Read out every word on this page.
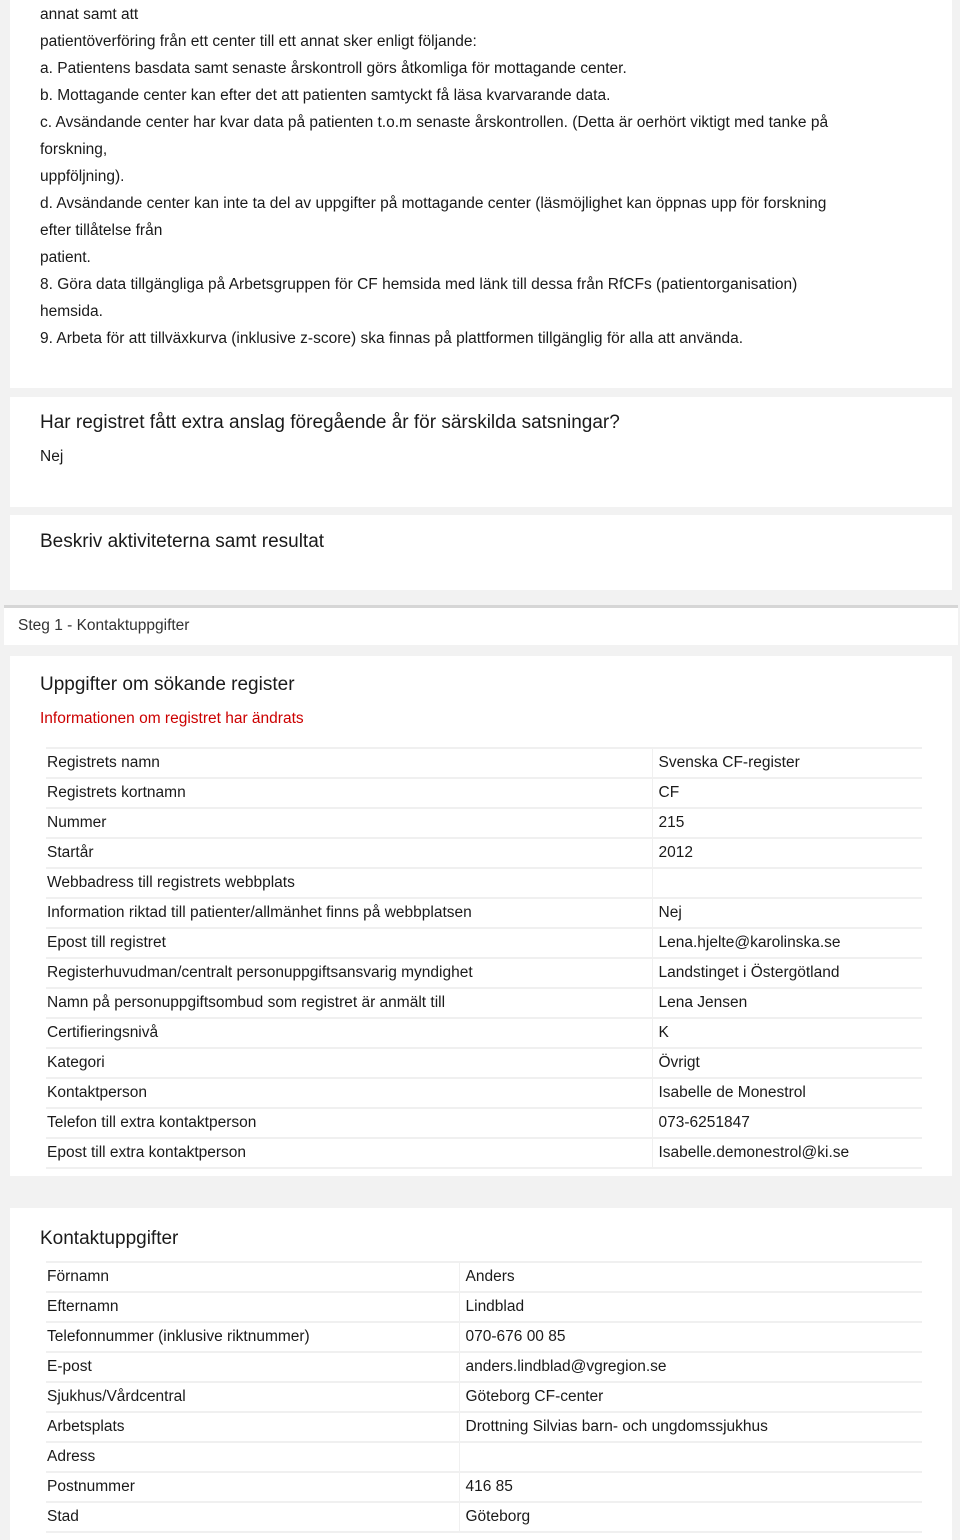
annat samt att
patientöverföring från ett center till ett annat sker enligt följande:
a. Patientens basdata samt senaste årskontroll görs åtkomliga för mottagande center.
b. Mottagande center kan efter det att patienten samtyckt få läsa kvarvarande data.
c. Avsändande center har kvar data på patienten t.o.m senaste årskontrollen. (Detta är oerhört viktigt med tanke på
forskning,
uppföljning).
d. Avsändande center kan inte ta del av uppgifter på mottagande center (läsmöjlighet kan öppnas upp för forskning
efter tillåtelse från
patient.
8. Göra data tillgängliga på Arbetsgruppen för CF hemsida med länk till dessa från RfCFs (patientorganisation)
hemsida.
9. Arbeta för att tillväxkurva (inklusive z-score) ska finnas på plattformen tillgänglig för alla att använda.
Har registret fått extra anslag föregående år för särskilda satsningar?
Nej
Beskriv aktiviteterna samt resultat
Steg 1 - Kontaktuppgifter
Uppgifter om sökande register
Informationen om registret har ändrats
Registrets namn	Svenska CF-register
Registrets kortnamn	CF
Nummer	215
Startår	2012
Webbadress till registrets webbplats	
Information riktad till patienter/allmänhet finns på webbplatsen	Nej
Epost till registret	Lena.hjelte@karolinska.se
Registerhuvudman/centralt personuppgiftsansvarig myndighet	Landstinget i Östergötland
Namn på personuppgiftsombud som registret är anmält till	Lena Jensen
Certifieringsnivå	K
Kategori	Övrigt
Kontaktperson	Isabelle de Monestrol
Telefon till extra kontaktperson	073-6251847
Epost till extra kontaktperson	Isabelle.demonestrol@ki.se
Kontaktuppgifter
Förnamn	Anders
Efternamn	Lindblad
Telefonnummer (inklusive riktnummer)	070-676 00 85
E-post	anders.lindblad@vgregion.se
Sjukhus/Vårdcentral	Göteborg CF-center
Arbetsplats	Drottning Silvias barn- och ungdomssjukhus
Adress	
Postnummer	416 85
Stad	Göteborg
